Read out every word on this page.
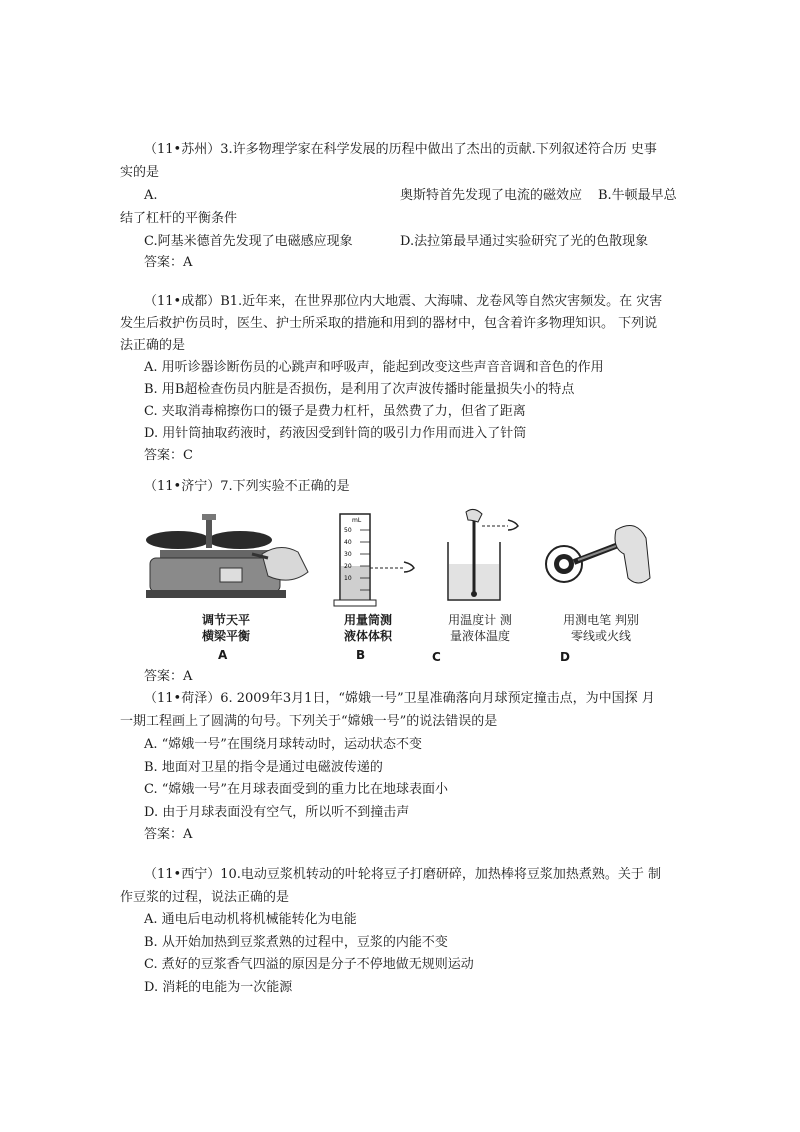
（11•苏州）3.许多物理学家在科学发展的历程中做出了杰出的贡献.下列叙述符合历 史事
实的是
A.	奥斯特首先发现了电流的磁效应 B.牛顿最早总
结了杠杆的平衡条件
C.阿基米德首先发现了电磁感应现象	D.法拉第最早通过实验研究了光的色散现象
答案：A
（11•成都）B1.近年来，在世界那位内大地震、大海啸、龙卷风等自然灾害频发。在 灾害
发生后救护伤员时，医生、护士所采取的措施和用到的器材中，包含着许多物理知识。 下列说
法正确的是
A. 用听诊器诊断伤员的心跳声和呼吸声，能起到改变这些声音音调和音色的作用
B. 用B超检查伤员内脏是否损伤，是利用了次声波传播时能量损失小的特点
C. 夹取消毒棉擦伤口的镊子是费力杠杆，虽然费了力，但省了距离
D. 用针筒抽取药液时，药液因受到针筒的吸引力作用而进入了针筒
答案：C
（11•济宁）7.下列实验不正确的是
调节天平
横梁平衡
A
mL
50
40
30
20
10
用量筒测
液体体积
B
用温度计 测
量液体温度
C
用测电笔 判别
零线或火线
D
答案：A
（11•荷泽）6. 2009年3月1日，“嫦娥一号”卫星准确落向月球预定撞击点，为中国探 月
一期工程画上了圆满的句号。下列关于“嫦娥一号”的说法错误的是
A. “嫦娥一号”在围绕月球转动时，运动状态不变
B. 地面对卫星的指令是通过电磁波传递的
C. “嫦娥一号”在月球表面受到的重力比在地球表面小
D. 由于月球表面没有空气，所以听不到撞击声
答案：A
（11•西宁）10.电动豆浆机转动的叶轮将豆子打磨研碎，加热棒将豆浆加热煮熟。关于 制
作豆浆的过程，说法正确的是
A. 通电后电动机将机械能转化为电能
B. 从开始加热到豆浆煮熟的过程中，豆浆的内能不变
C. 煮好的豆浆香气四溢的原因是分子不停地做无规则运动
D. 消耗的电能为一次能源
